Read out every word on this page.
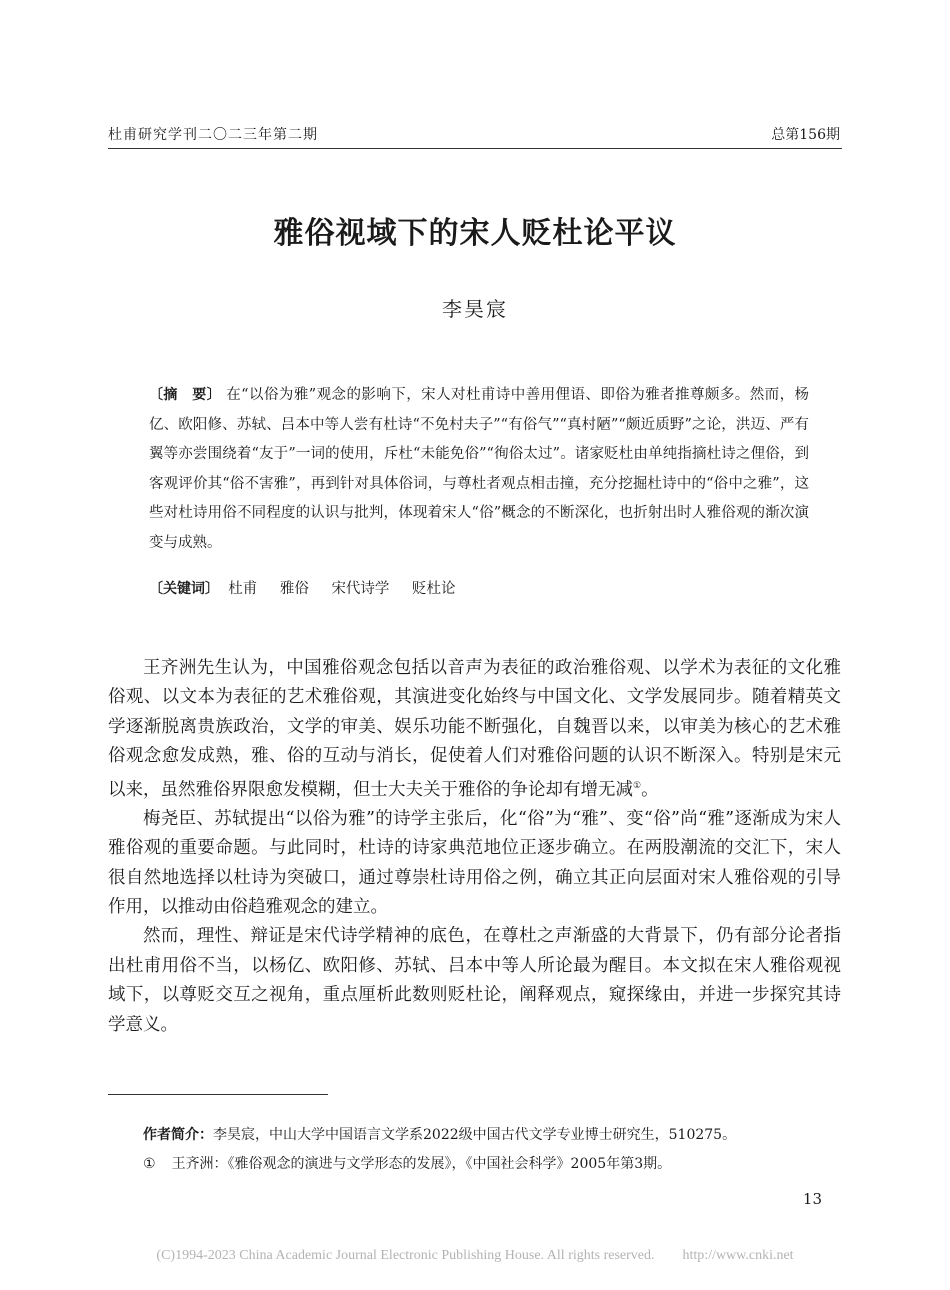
杜甫研究学刊二〇二三年第二期	总第156期
雅俗视域下的宋人贬杜论平议
李昊宸
〔摘　要〕 在“以俗为雅”观念的影响下，宋人对杜甫诗中善用俚语、即俗为雅者推尊颇多。然而，杨亿、欧阳修、苏轼、吕本中等人尝有杜诗“不免村夫子”“有俗气”“真村陋”“颇近质野”之论，洪迈、严有翼等亦尝围绕着“友于”一词的使用，斥杜“未能免俗”“徇俗太过”。诸家贬杜由单纯指摘杜诗之俚俗，到客观评价其“俗不害雅”，再到针对具体俗词，与尊杜者观点相击撞，充分挖掘杜诗中的“俗中之雅”，这些对杜诗用俗不同程度的认识与批判，体现着宋人“俗”概念的不断深化，也折射出时人雅俗观的渐次演变与成熟。
〔关键词〕 杜甫 雅俗 宋代诗学 贬杜论

王齐洲先生认为，中国雅俗观念包括以音声为表征的政治雅俗观、以学术为表征的文化雅俗观、以文本为表征的艺术雅俗观，其演进变化始终与中国文化、文学发展同步。随着精英文学逐渐脱离贵族政治，文学的审美、娱乐功能不断强化，自魏晋以来，以审美为核心的艺术雅俗观念愈发成熟，雅、俗的互动与消长，促使着人们对雅俗问题的认识不断深入。特别是宋元以来，虽然雅俗界限愈发模糊，但士大夫关于雅俗的争论却有增无减①。

梅尧臣、苏轼提出“以俗为雅”的诗学主张后，化“俗”为“雅”、变“俗”尚“雅”逐渐成为宋人雅俗观的重要命题。与此同时，杜诗的诗家典范地位正逐步确立。在两股潮流的交汇下，宋人很自然地选择以杜诗为突破口，通过尊崇杜诗用俗之例，确立其正向层面对宋人雅俗观的引导作用，以推动由俗趋雅观念的建立。

然而，理性、辩证是宋代诗学精神的底色，在尊杜之声渐盛的大背景下，仍有部分论者指出杜甫用俗不当，以杨亿、欧阳修、苏轼、吕本中等人所论最为醒目。本文拟在宋人雅俗观视域下，以尊贬交互之视角，重点厘析此数则贬杜论，阐释观点，窥探缘由，并进一步探究其诗学意义。

作者简介：李昊宸，中山大学中国语言文学系2022级中国古代文学专业博士研究生，510275。
① 王齐洲：《雅俗观念的演进与文学形态的发展》，《中国社会科学》2005年第3期。
13
(C)1994-2023 China Academic Journal Electronic Publishing House. All rights reserved.　　http://www.cnki.net
